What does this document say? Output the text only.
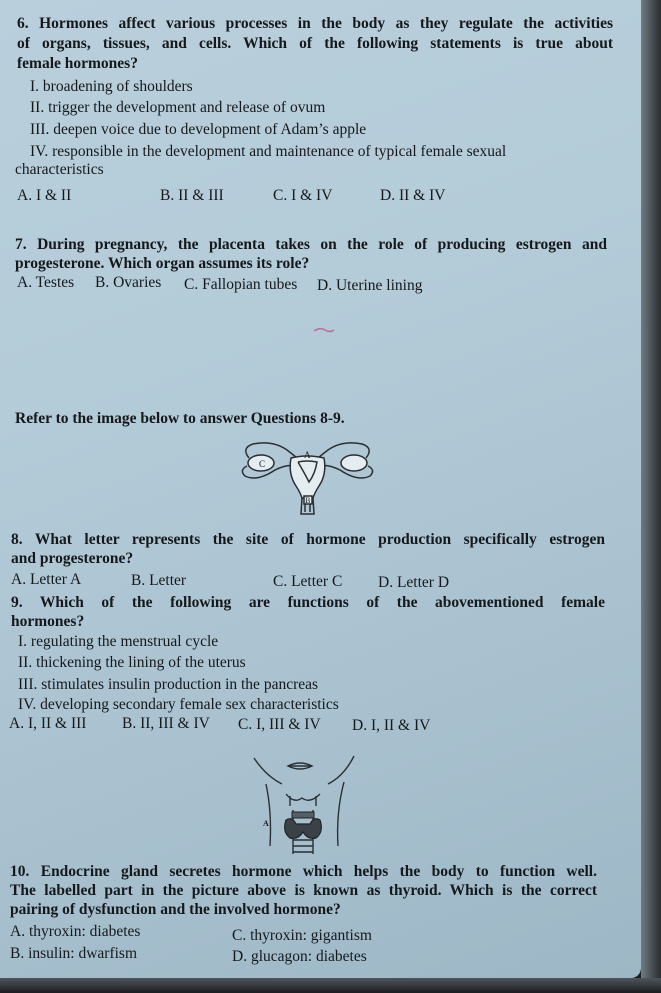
6. Hormones affect various processes in the body as they regulate the activities
of organs, tissues, and cells. Which of the following statements is true about
female hormones?
I. broadening of shoulders
II. trigger the development and release of ovum
III. deepen voice due to development of Adam’s apple
IV. responsible in the development and maintenance of typical female sexual
characteristics
A. I & II	B. II & III	C. I & IV	D. II & IV
7. During pregnancy, the placenta takes on the role of producing estrogen and
progesterone. Which organ assumes its role?
A. Testes B. Ovaries C. Fallopian tubes D. Uterine lining
Refer to the image below to answer Questions 8-9.
C
A
B
8. What letter represents the site of hormone production specifically estrogen
and progesterone?
A. Letter A	B. Letter	C. Letter C D. Letter D
9. Which of the following are functions of the abovementioned female
hormones?
I. regulating the menstrual cycle
II. thickening the lining of the uterus
III. stimulates insulin production in the pancreas
IV. developing secondary female sex characteristics
A. I, II & III B. II, III & IV C. I, III & IV D. I, II & IV
A
10. Endocrine gland secretes hormone which helps the body to function well.
The labelled part in the picture above is known as thyroid. Which is the correct
pairing of dysfunction and the involved hormone?
A. thyroxin: diabetes	C. thyroxin: gigantism
B. insulin: dwarfism	D. glucagon: diabetes
